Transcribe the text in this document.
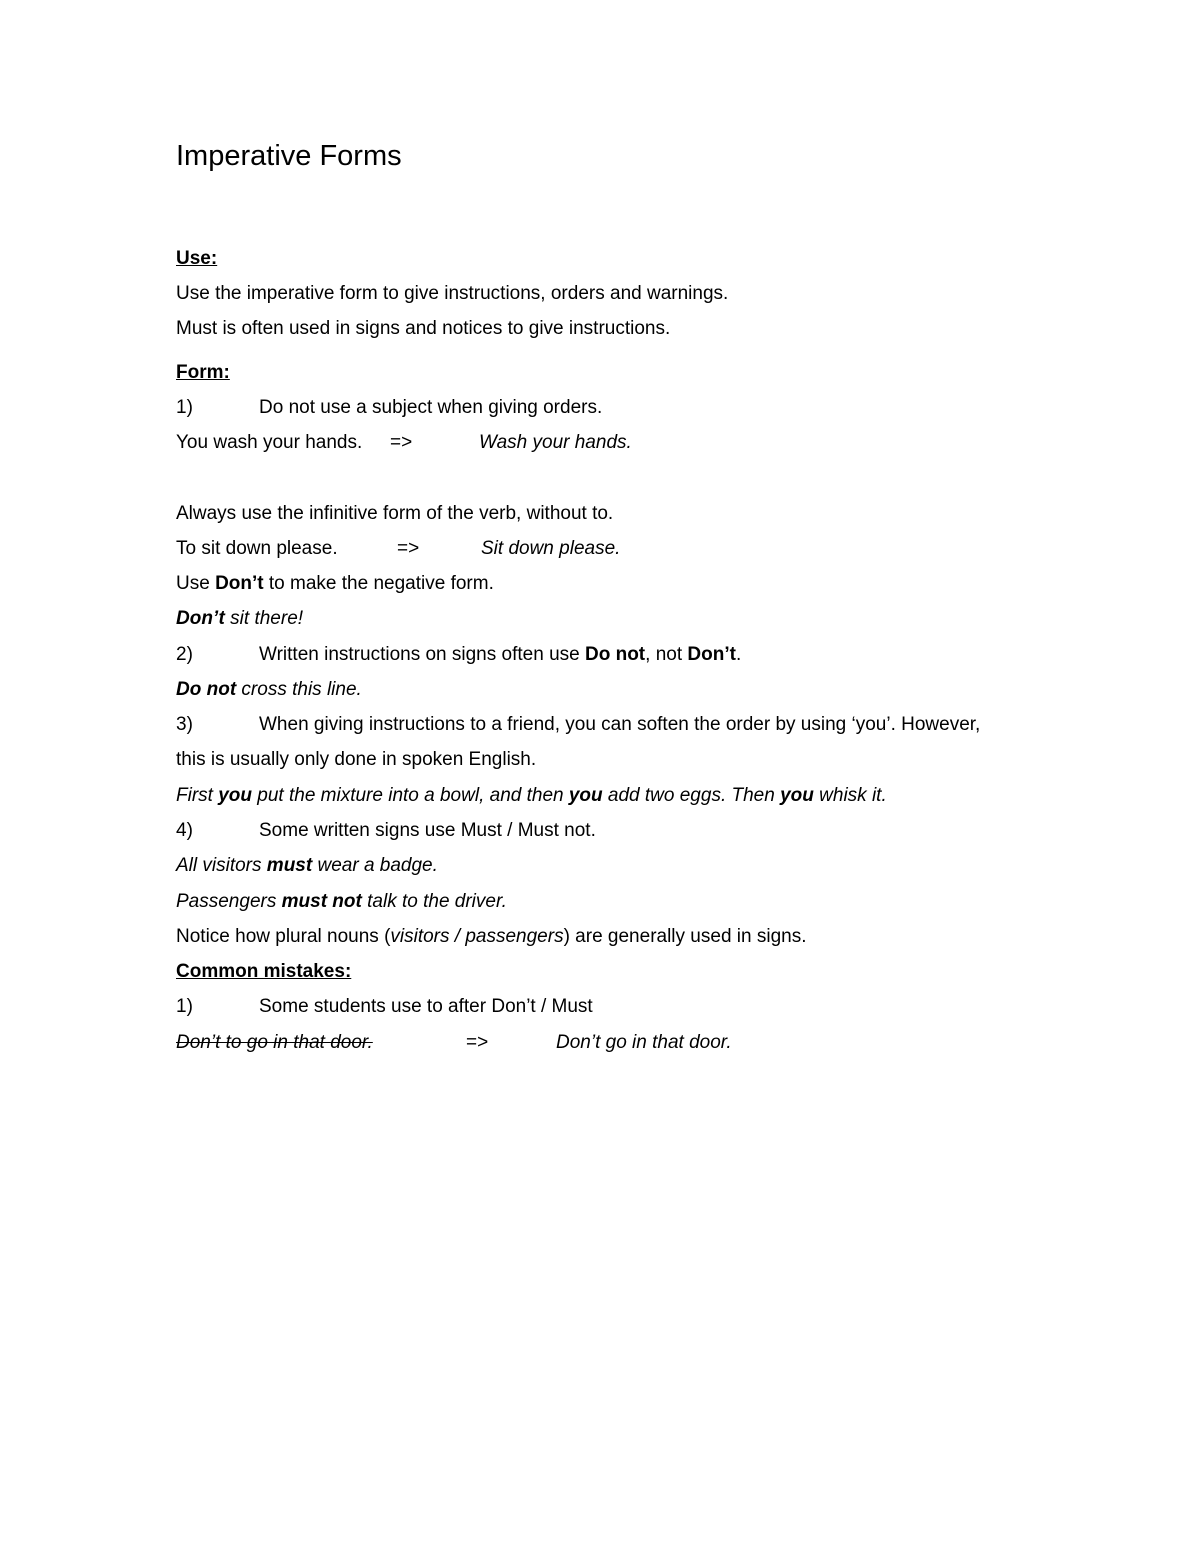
Imperative Forms
Use:
Use the imperative form to give instructions, orders and warnings.
Must is often used in signs and notices to give instructions.
Form:
1)	Do not use a subject when giving orders.
You wash your hands. =>	Wash your hands.
Always use the infinitive form of the verb, without to.
To sit down please.	=>	Sit down please.
Use Don’t to make the negative form.
Don’t sit there!
2)	Written instructions on signs often use Do not, not Don’t.
Do not cross this line.
3)	When giving instructions to a friend, you can soften the order by using ‘you’. However,
this is usually only done in spoken English.
First you put the mixture into a bowl, and then you add two eggs. Then you whisk it.
4)	Some written signs use Must / Must not.
All visitors must wear a badge.
Passengers must not talk to the driver.
Notice how plural nouns (visitors / passengers) are generally used in signs.
Common mistakes:
1)	Some students use to after Don’t / Must
Don’t to go in that door.	=>	Don’t go in that door.
